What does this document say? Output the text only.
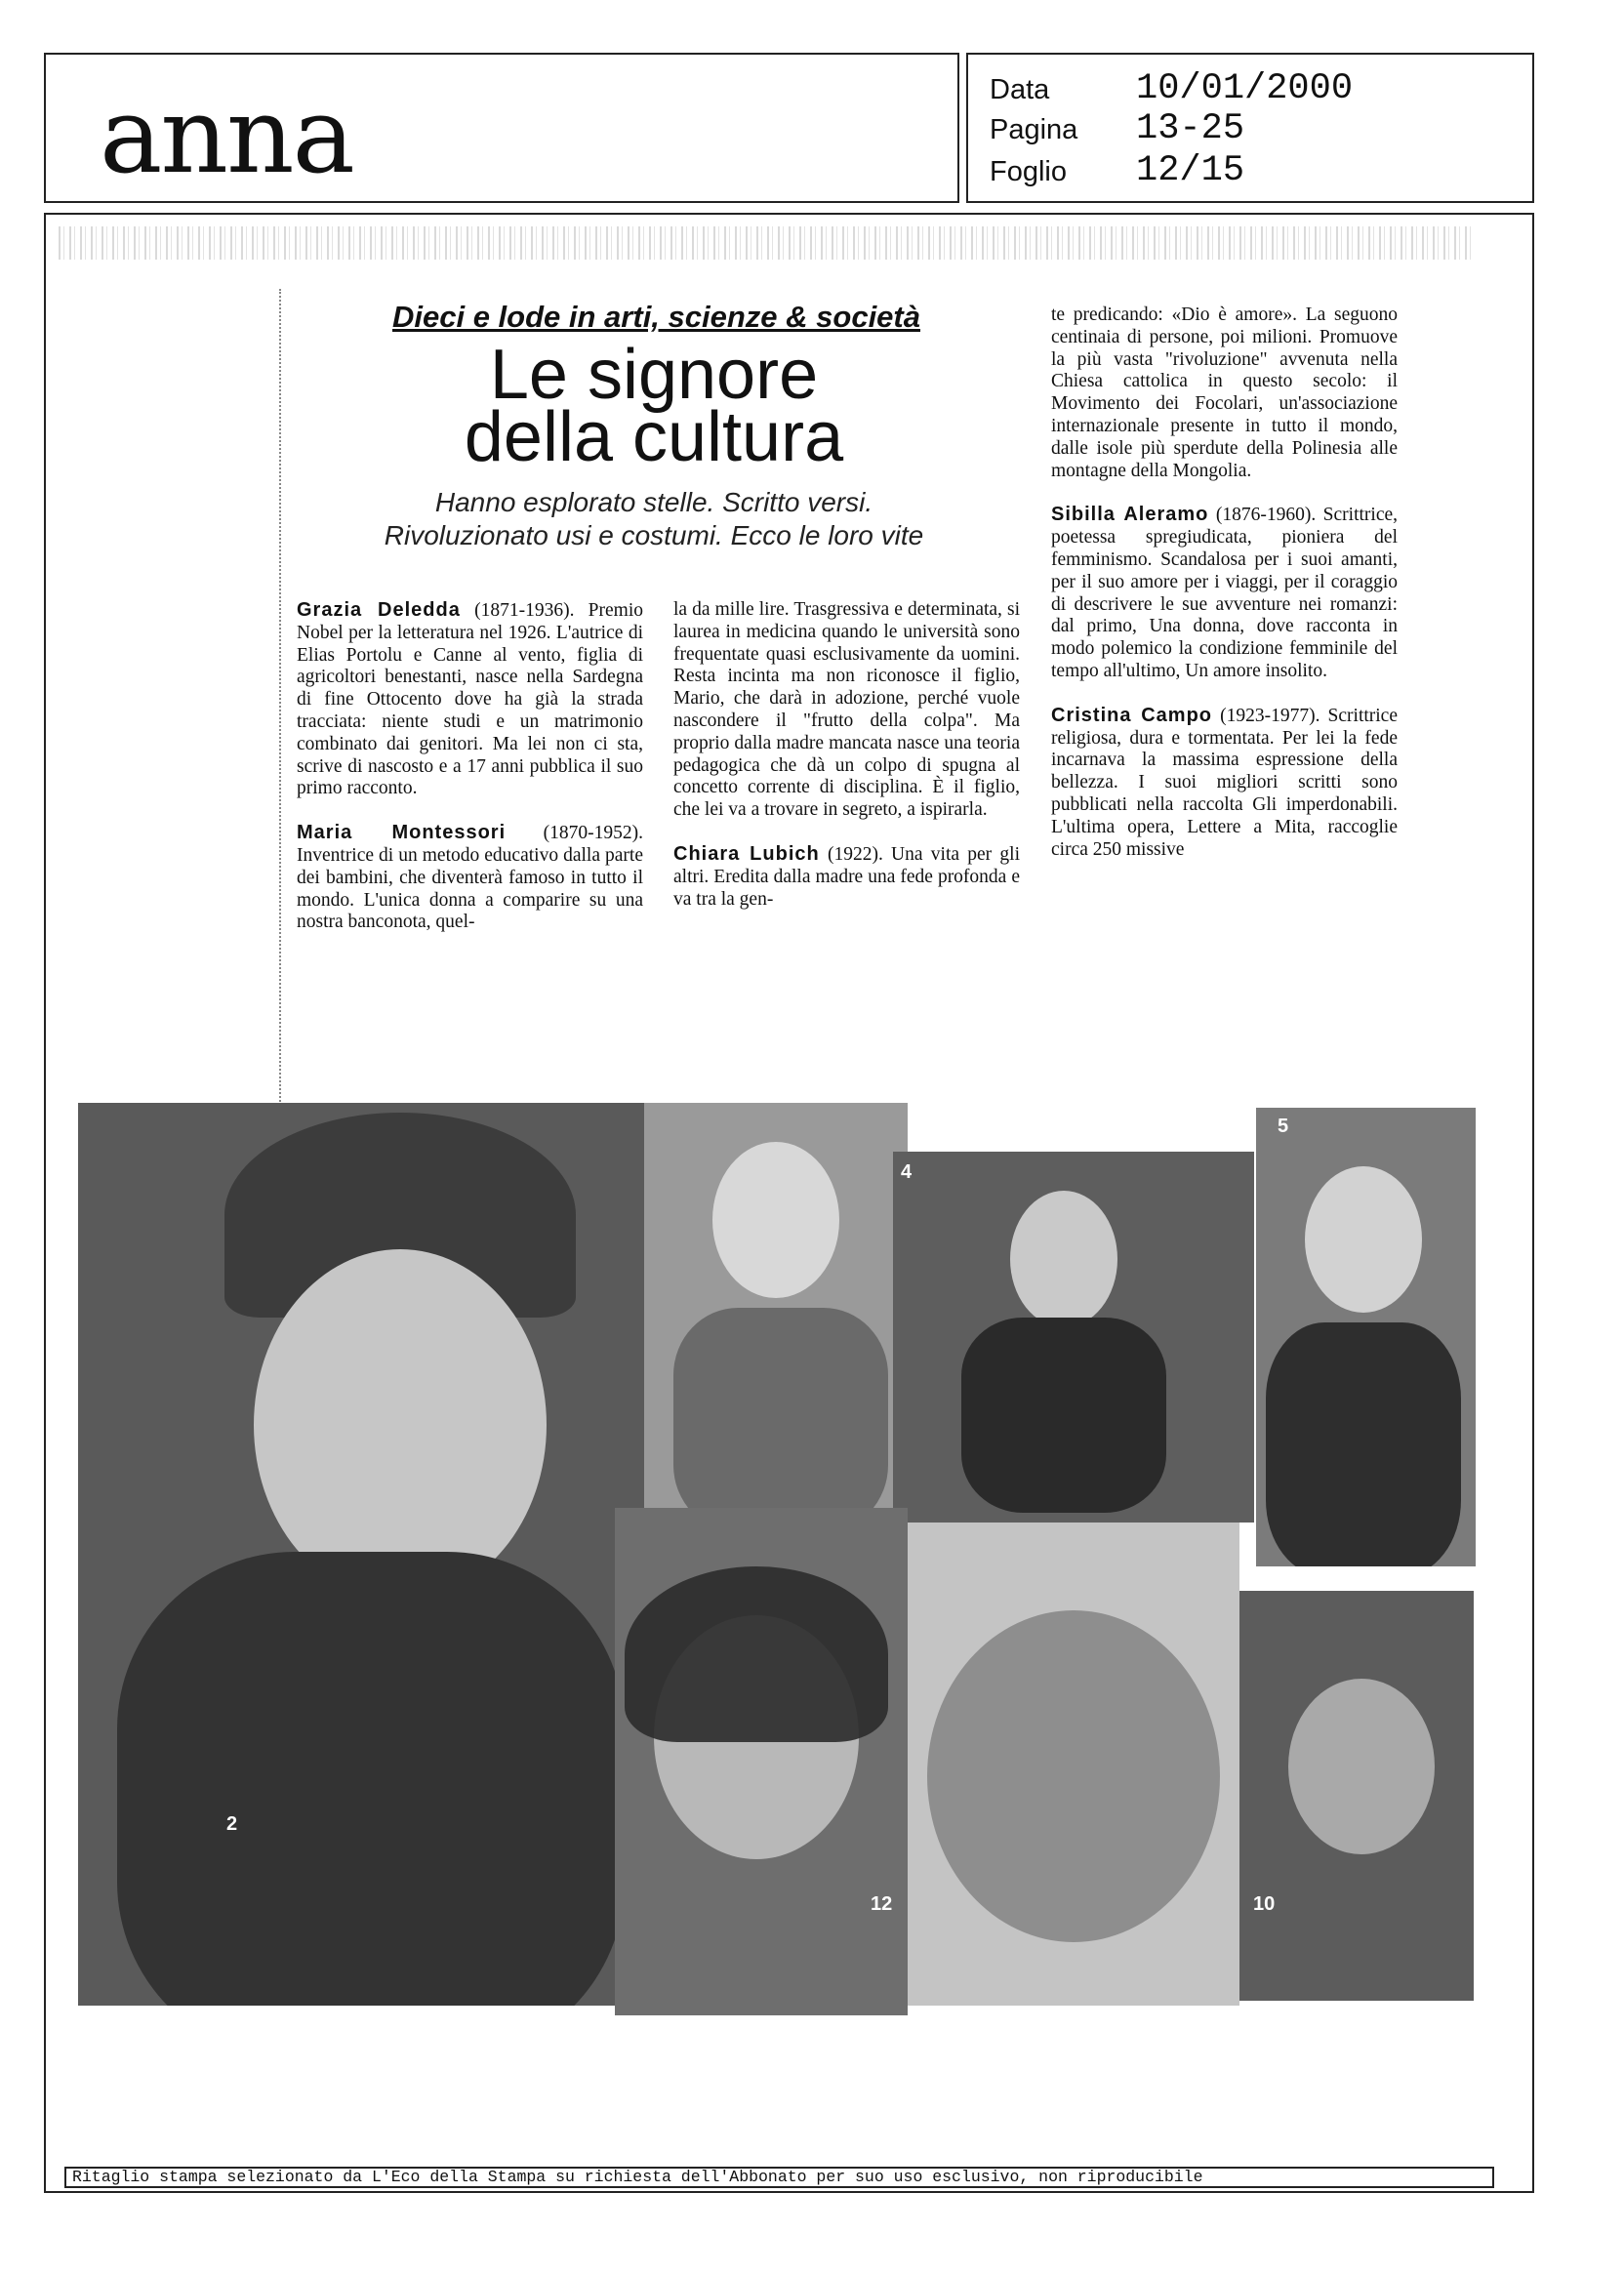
anna	Data 10/01/2000
Pagina 13-25
Foglio 12/15
Dieci e lode in arti, scienze & società
Le signore
della cultura
Hanno esplorato stelle. Scritto versi.
Rivoluzionato usi e costumi. Ecco le loro vite

Grazia Deledda (1871-1936). Premio Nobel per la letteratura nel 1926. L'autrice di Elias Portolu e Canne al vento, figlia di agricoltori benestanti, nasce nella Sardegna di fine Ottocento dove ha già la strada tracciata: niente studi e un matrimonio combinato dai genitori. Ma lei non ci sta, scrive di nascosto e a 17 anni pubblica il suo primo racconto.

Maria Montessori (1870-1952). Inventrice di un metodo educativo dalla parte dei bambini, che diventerà famoso in tutto il mondo. L'unica donna a comparire su una nostra banconota, quel-

la da mille lire. Trasgressiva e determinata, si laurea in medicina quando le università sono frequentate quasi esclusivamente da uomini. Resta incinta ma non riconosce il figlio, Mario, che darà in adozione, perché vuole nascondere il "frutto della colpa". Ma proprio dalla madre mancata nasce una teoria pedagogica che dà un colpo di spugna al concetto corrente di disciplina. È il figlio, che lei va a trovare in segreto, a ispirarla.

Chiara Lubich (1922). Una vita per gli altri. Eredita dalla madre una fede profonda e va tra la gen-

te predicando: «Dio è amore». La seguono centinaia di persone, poi milioni. Promuove la più vasta "rivoluzione" avvenuta nella Chiesa cattolica in questo secolo: il Movimento dei Focolari, un'associazione internazionale presente in tutto il mondo, dalle isole più sperdute della Polinesia alle montagne della Mongolia.

Sibilla Aleramo (1876-1960). Scrittrice, poetessa spregiudicata, pioniera del femminismo. Scandalosa per i suoi amanti, per il suo amore per i viaggi, per il coraggio di descrivere le sue avventure nei romanzi: dal primo, Una donna, dove racconta in modo polemico la condizione femminile del tempo all'ultimo, Un amore insolito.

Cristina Campo (1923-1977). Scrittrice religiosa, dura e tormentata. Per lei la fede incarnava la massima espressione della bellezza. I suoi migliori scritti sono pubblicati nella raccolta Gli imperdonabili. L'ultima opera, Lettere a Mita, raccoglie circa 250 missive

4
5
2
12	10
Ritaglio stampa selezionato da L'Eco della Stampa su richiesta dell'Abbonato per suo uso esclusivo, non riproducibile
